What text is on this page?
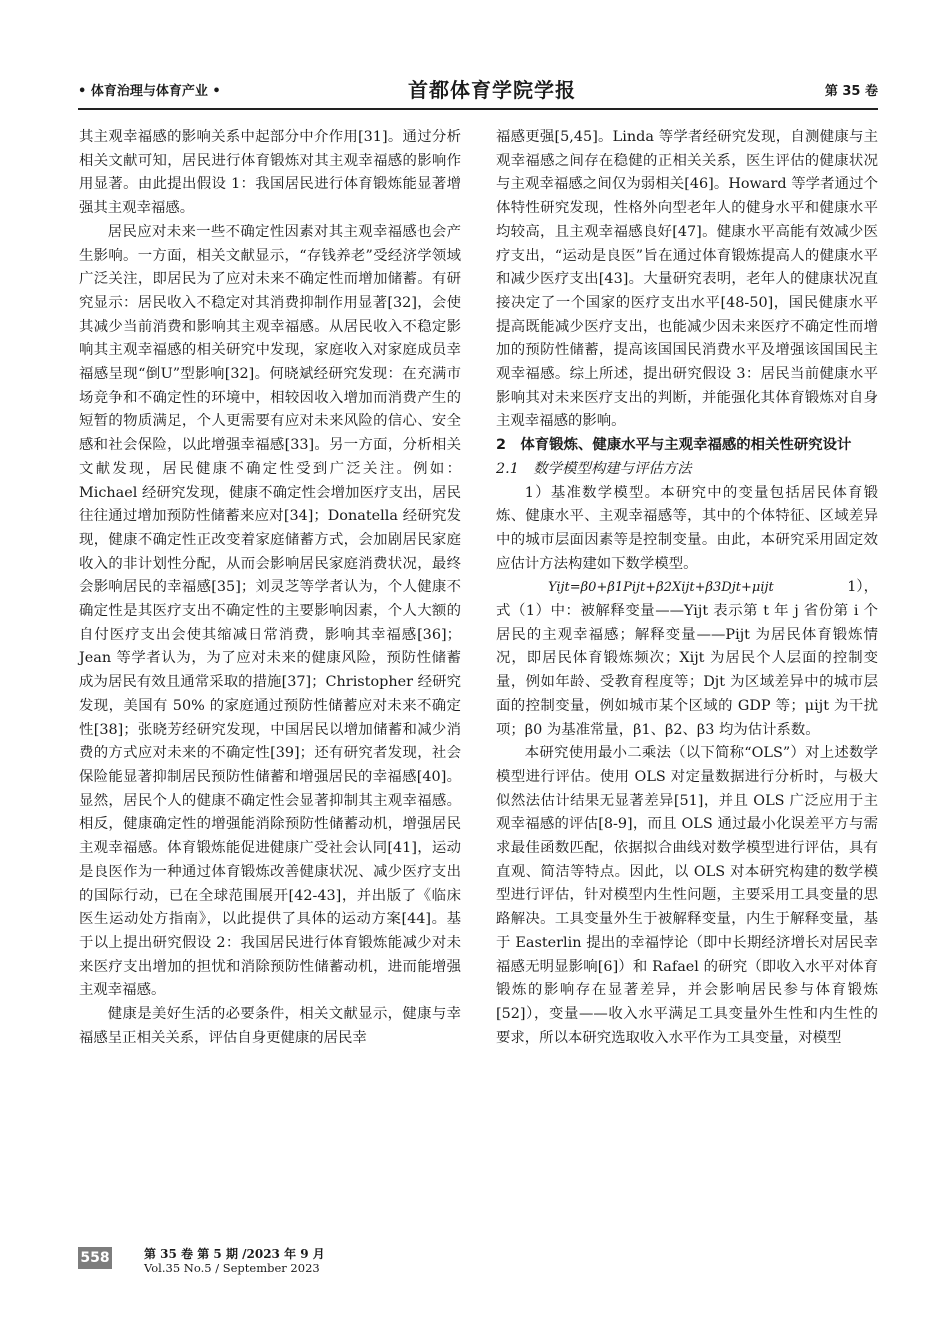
• 体育治理与体育产业 •	首都体育学院学报	第 35 卷

其主观幸福感的影响关系中起部分中介作用[31]。通过分析相关文献可知，居民进行体育锻炼对其主观幸福感的影响作用显著。由此提出假设 1：我国居民进行体育锻炼能显著增强其主观幸福感。

居民应对未来一些不确定性因素对其主观幸福感也会产生影响。一方面，相关文献显示，“存钱养老”受经济学领域广泛关注，即居民为了应对未来不确定性而增加储蓄。有研究显示：居民收入不稳定对其消费抑制作用显著[32]，会使其减少当前消费和影响其主观幸福感。从居民收入不稳定影响其主观幸福感的相关研究中发现，家庭收入对家庭成员幸福感呈现“倒U”型影响[32]。何晓斌经研究发现：在充满市场竞争和不确定性的环境中，相较因收入增加而消费产生的短暂的物质满足，个人更需要有应对未来风险的信心、安全感和社会保险，以此增强幸福感[33]。另一方面，分析相关文献发现，居民健康不确定性受到广泛关注。例如：Michael 经研究发现，健康不确定性会增加医疗支出，居民往往通过增加预防性储蓄来应对[34]；Donatella 经研究发现，健康不确定性正改变着家庭储蓄方式，会加剧居民家庭收入的非计划性分配，从而会影响居民家庭消费状况，最终会影响居民的幸福感[35]；刘灵芝等学者认为，个人健康不确定性是其医疗支出不确定性的主要影响因素，个人大额的自付医疗支出会使其缩减日常消费，影响其幸福感[36]；Jean 等学者认为，为了应对未来的健康风险，预防性储蓄成为居民有效且通常采取的措施[37]；Christopher 经研究发现，美国有 50% 的家庭通过预防性储蓄应对未来不确定性[38]；张晓芳经研究发现，中国居民以增加储蓄和减少消费的方式应对未来的不确定性[39]；还有研究者发现，社会保险能显著抑制居民预防性储蓄和增强居民的幸福感[40]。显然，居民个人的健康不确定性会显著抑制其主观幸福感。相反，健康确定性的增强能消除预防性储蓄动机，增强居民主观幸福感。体育锻炼能促进健康广受社会认同[41]，运动是良医作为一种通过体育锻炼改善健康状况、减少医疗支出的国际行动，已在全球范围展开[42-43]，并出版了《临床医生运动处方指南》，以此提供了具体的运动方案[44]。基于以上提出研究假设 2：我国居民进行体育锻炼能减少对未来医疗支出增加的担忧和消除预防性储蓄动机，进而能增强主观幸福感。

健康是美好生活的必要条件，相关文献显示，健康与幸福感呈正相关关系，评估自身更健康的居民幸

福感更强[5,45]。Linda 等学者经研究发现，自测健康与主观幸福感之间存在稳健的正相关关系，医生评估的健康状况与主观幸福感之间仅为弱相关[46]。Howard 等学者通过个体特性研究发现，性格外向型老年人的健身水平和健康水平均较高，且主观幸福感良好[47]。健康水平高能有效减少医疗支出，“运动是良医”旨在通过体育锻炼提高人的健康水平和减少医疗支出[43]。大量研究表明，老年人的健康状况直接决定了一个国家的医疗支出水平[48-50]，国民健康水平提高既能减少医疗支出，也能减少因未来医疗不确定性而增加的预防性储蓄，提高该国国民消费水平及增强该国国民主观幸福感。综上所述，提出研究假设 3：居民当前健康水平影响其对未来医疗支出的判断，并能强化其体育锻炼对自身主观幸福感的影响。

2　体育锻炼、健康水平与主观幸福感的相关性研究设计

2.1　数学模型构建与评估方法

1）基准数学模型。本研究中的变量包括居民体育锻炼、健康水平、主观幸福感等，其中的个体特征、区域差异中的城市层面因素等是控制变量。由此，本研究采用固定效应估计方法构建如下数学模型。

Yijt=β0+β1Pijt+β2Xijt+β3Djt+μijt	1），

式（1）中：被解释变量——Yijt 表示第 t 年 j 省份第 i 个居民的主观幸福感；解释变量——Pijt 为居民体育锻炼情况，即居民体育锻炼频次；Xijt 为居民个人层面的控制变量，例如年龄、受教育程度等；Djt 为区域差异中的城市层面的控制变量，例如城市某个区域的 GDP 等；μijt 为干扰项；β0 为基准常量，β1、β2、β3 均为估计系数。

本研究使用最小二乘法（以下简称“OLS”）对上述数学模型进行评估。使用 OLS 对定量数据进行分析时，与极大似然法估计结果无显著差异[51]，并且 OLS 广泛应用于主观幸福感的评估[8-9]，而且 OLS 通过最小化误差平方与需求最佳函数匹配，依据拟合曲线对数学模型进行评估，具有直观、简洁等特点。因此，以 OLS 对本研究构建的数学模型进行评估，针对模型内生性问题，主要采用工具变量的思路解决。工具变量外生于被解释变量，内生于解释变量，基于 Easterlin 提出的幸福悖论（即中长期经济增长对居民幸福感无明显影响[6]）和 Rafael 的研究（即收入水平对体育锻炼的影响存在显著差异，并会影响居民参与体育锻炼[52]），变量——收入水平满足工具变量外生性和内生性的要求，所以本研究选取收入水平作为工具变量，对模型

558	第 35 卷 第 5 期 /2023 年 9 月
Vol.35 No.5 / September 2023
